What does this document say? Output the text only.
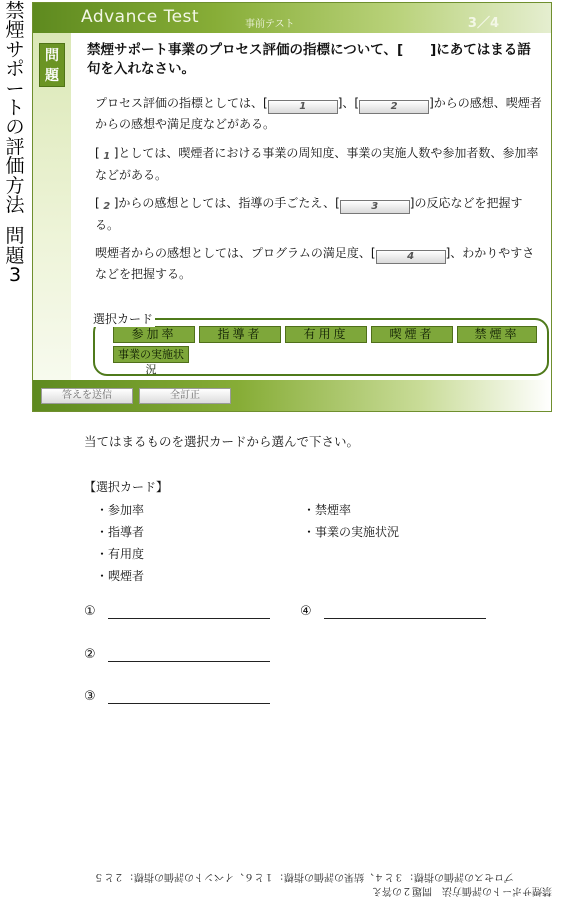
禁
煙
サ
ポ
ー
ト
の
評
価
方
法
問
題
3
Advance Test	事前テスト	3／4
問題
禁煙サポート事業のプロセス評価の指標について、[　　]にあてはまる語句を入れなさい。
プロセス評価の指標としては、[	1	]、[	2	]からの感想、喫煙者からの感想や満足度などがある。
[ 1 ]としては、喫煙者における事業の周知度、事業の実施人数や参加者数、参加率などがある。
[ 2 ]からの感想としては、指導の手ごたえ、[	3	]の反応などを把握する。
喫煙者からの感想としては、プログラムの満足度、[	4	]、わかりやすさなどを把握する。
選択カード
参加率	指導者	有用度	喫煙者	禁煙率
事業の実施状況
答えを送信	全訂正
当てはまるものを選択カードから選んで下さい。
【選択カード】
・参加率
・指導者
・有用度
・喫煙者
・禁煙率
・事業の実施状況
①
②
③
④
プロセスの評価の指標：３と４、結果の評価の指標：１と６、イベントの評価の指標：２と５
禁煙サポートの評価方法　問題２の答え
